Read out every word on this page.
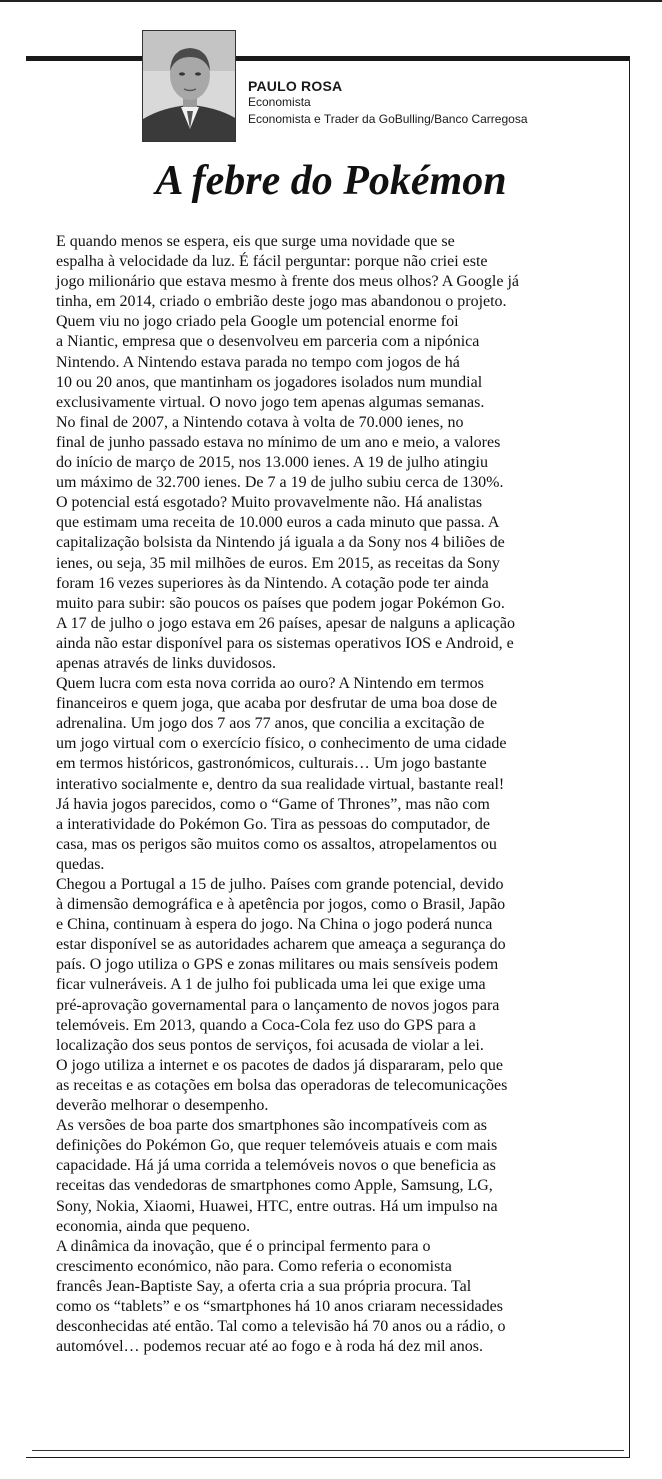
PAULO ROSA
Economista
Economista e Trader da GoBulling/Banco Carregosa
A febre do Pokémon

E quando menos se espera, eis que surge uma novidade que se
espalha à velocidade da luz. É fácil perguntar: porque não criei este
jogo milionário que estava mesmo à frente dos meus olhos? A Google já
tinha, em 2014, criado o embrião deste jogo mas abandonou o projeto.

Quem viu no jogo criado pela Google um potencial enorme foi
a Niantic, empresa que o desenvolveu em parceria com a nipónica
Nintendo. A Nintendo estava parada no tempo com jogos de há
10 ou 20 anos, que mantinham os jogadores isolados num mundial
exclusivamente virtual. O novo jogo tem apenas algumas semanas.

No final de 2007, a Nintendo cotava à volta de 70.000 ienes, no
final de junho passado estava no mínimo de um ano e meio, a valores
do início de março de 2015, nos 13.000 ienes. A 19 de julho atingiu
um máximo de 32.700 ienes. De 7 a 19 de julho subiu cerca de 130%.
O potencial está esgotado? Muito provavelmente não. Há analistas
que estimam uma receita de 10.000 euros a cada minuto que passa. A
capitalização bolsista da Nintendo já iguala a da Sony nos 4 biliões de
ienes, ou seja, 35 mil milhões de euros. Em 2015, as receitas da Sony
foram 16 vezes superiores às da Nintendo. A cotação pode ter ainda
muito para subir: são poucos os países que podem jogar Pokémon Go.
A 17 de julho o jogo estava em 26 países, apesar de nalguns a aplicação
ainda não estar disponível para os sistemas operativos IOS e Android, e
apenas através de links duvidosos.

Quem lucra com esta nova corrida ao ouro? A Nintendo em termos
financeiros e quem joga, que acaba por desfrutar de uma boa dose de
adrenalina. Um jogo dos 7 aos 77 anos, que concilia a excitação de
um jogo virtual com o exercício físico, o conhecimento de uma cidade
em termos históricos, gastronómicos, culturais… Um jogo bastante
interativo socialmente e, dentro da sua realidade virtual, bastante real!
Já havia jogos parecidos, como o “Game of Thrones”, mas não com
a interatividade do Pokémon Go. Tira as pessoas do computador, de
casa, mas os perigos são muitos como os assaltos, atropelamentos ou
quedas.

Chegou a Portugal a 15 de julho. Países com grande potencial, devido
à dimensão demográfica e à apetência por jogos, como o Brasil, Japão
e China, continuam à espera do jogo. Na China o jogo poderá nunca
estar disponível se as autoridades acharem que ameaça a segurança do
país. O jogo utiliza o GPS e zonas militares ou mais sensíveis podem
ficar vulneráveis. A 1 de julho foi publicada uma lei que exige uma
pré-aprovação governamental para o lançamento de novos jogos para
telemóveis. Em 2013, quando a Coca-Cola fez uso do GPS para a
localização dos seus pontos de serviços, foi acusada de violar a lei.

O jogo utiliza a internet e os pacotes de dados já dispararam, pelo que
as receitas e as cotações em bolsa das operadoras de telecomunicações
deverão melhorar o desempenho.

As versões de boa parte dos smartphones são incompatíveis com as
definições do Pokémon Go, que requer telemóveis atuais e com mais
capacidade. Há já uma corrida a telemóveis novos o que beneficia as
receitas das vendedoras de smartphones como Apple, Samsung, LG,
Sony, Nokia, Xiaomi, Huawei, HTC, entre outras. Há um impulso na
economia, ainda que pequeno.

A dinâmica da inovação, que é o principal fermento para o
crescimento económico, não para. Como referia o economista
francês Jean-Baptiste Say, a oferta cria a sua própria procura. Tal
como os “tablets” e os “smartphones há 10 anos criaram necessidades
desconhecidas até então. Tal como a televisão há 70 anos ou a rádio, o
automóvel… podemos recuar até ao fogo e à roda há dez mil anos.
